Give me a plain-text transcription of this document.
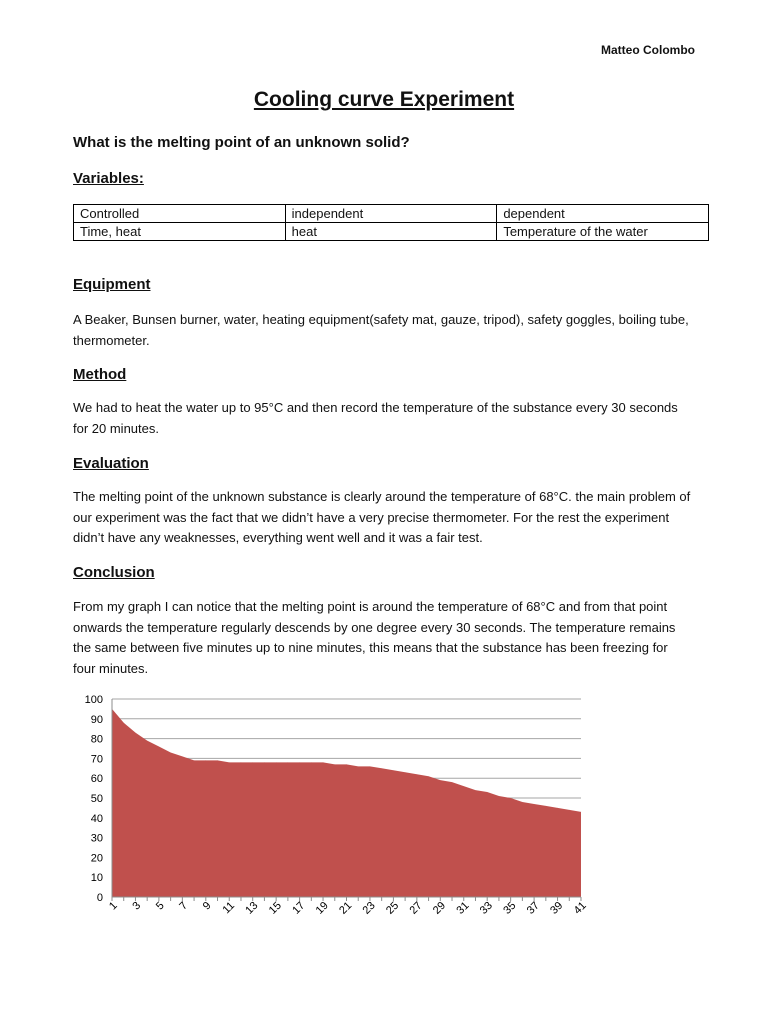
Matteo Colombo
Cooling curve Experiment
What is the melting point of an unknown solid?
Variables:
Controlled	independent	dependent
Time, heat	heat	Temperature of the water
Equipment
A Beaker, Bunsen burner, water, heating equipment(safety mat, gauze, tripod), safety goggles, boiling tube, thermometer.
Method
We had to heat the water up to 95°C and then record the temperature of the substance every 30 seconds for 20 minutes.
Evaluation
The melting point of the unknown substance is clearly around the temperature of 68°C. the main problem of our experiment was the fact that we didn’t have a very precise thermometer. For the rest the experiment didn’t have any weaknesses, everything went well and it was a fair test.
Conclusion
From my graph I can notice that the melting point is around the temperature of 68°C and from that point onwards the temperature regularly descends by one degree every 30 seconds. The temperature remains the same between five minutes up to nine minutes, this means that the substance has been freezing for four minutes.
0
10
20
30
40
50
60
70
80
90
100
1 3 5 7 9 11 13 15 17 19 21 23 25 27 29 31 33 35 37 39 41
